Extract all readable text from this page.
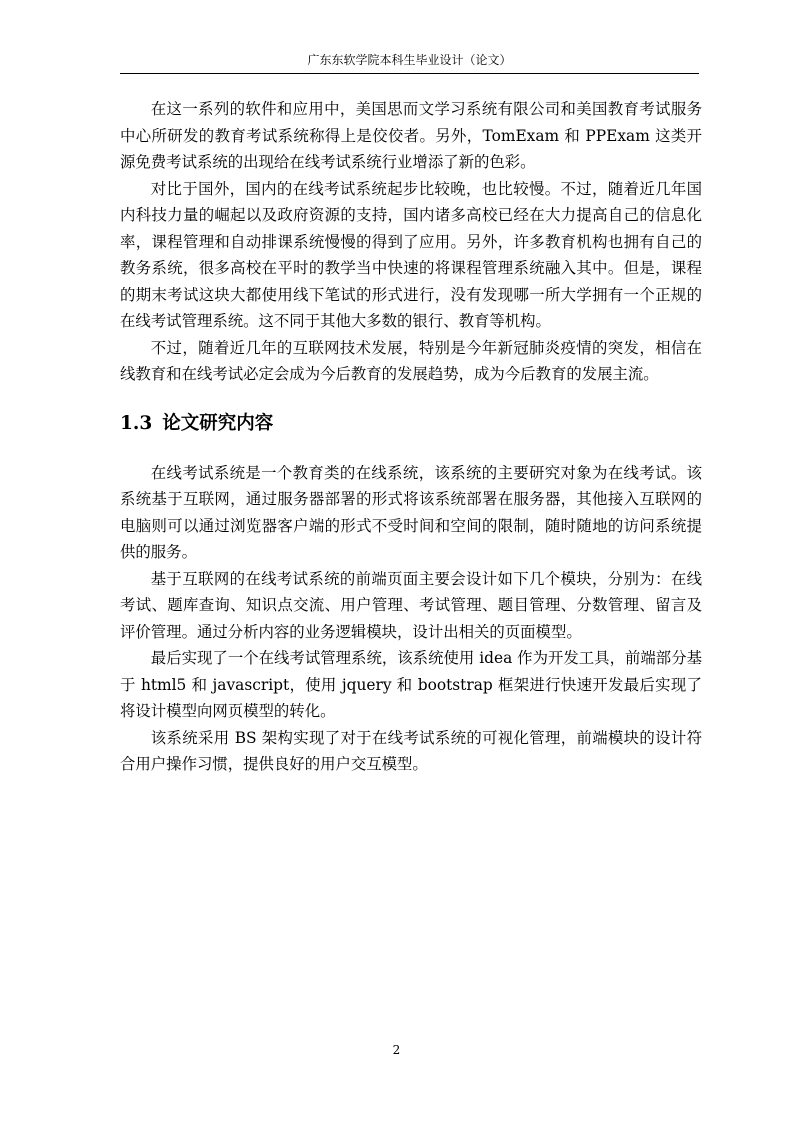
广东东软学院本科生毕业设计（论文）

在这一系列的软件和应用中，美国思而文学习系统有限公司和美国教育考试服务中心所研发的教育考试系统称得上是佼佼者。另外，TomExam 和 PPExam 这类开源免费考试系统的出现给在线考试系统行业增添了新的色彩。

对比于国外，国内的在线考试系统起步比较晚，也比较慢。不过，随着近几年国内科技力量的崛起以及政府资源的支持，国内诸多高校已经在大力提高自己的信息化率，课程管理和自动排课系统慢慢的得到了应用。另外，许多教育机构也拥有自己的教务系统，很多高校在平时的教学当中快速的将课程管理系统融入其中。但是，课程的期末考试这块大都使用线下笔试的形式进行，没有发现哪一所大学拥有一个正规的在线考试管理系统。这不同于其他大多数的银行、教育等机构。

不过，随着近几年的互联网技术发展，特别是今年新冠肺炎疫情的突发，相信在线教育和在线考试必定会成为今后教育的发展趋势，成为今后教育的发展主流。

1.3 论文研究内容

在线考试系统是一个教育类的在线系统，该系统的主要研究对象为在线考试。该系统基于互联网，通过服务器部署的形式将该系统部署在服务器，其他接入互联网的电脑则可以通过浏览器客户端的形式不受时间和空间的限制，随时随地的访问系统提供的服务。

基于互联网的在线考试系统的前端页面主要会设计如下几个模块，分别为：在线考试、题库查询、知识点交流、用户管理、考试管理、题目管理、分数管理、留言及评价管理。通过分析内容的业务逻辑模块，设计出相关的页面模型。

最后实现了一个在线考试管理系统，该系统使用 idea 作为开发工具，前端部分基于 html5 和 javascript，使用 jquery 和 bootstrap 框架进行快速开发最后实现了将设计模型向网页模型的转化。

该系统采用 BS 架构实现了对于在线考试系统的可视化管理，前端模块的设计符合用户操作习惯，提供良好的用户交互模型。

2
